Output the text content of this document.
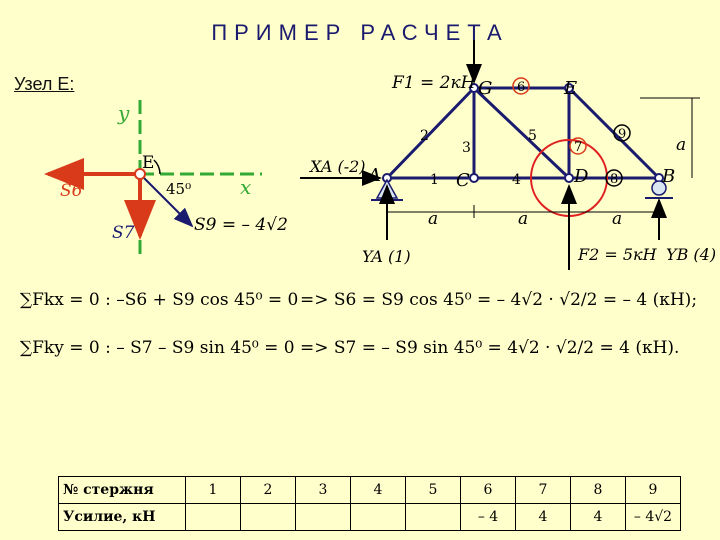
ПРИМЕР РАСЧЕТА
Узел E:
y
x
E
45⁰
S6
S7	S9 = – 4√2
G	E
A	C	D	B
1
2
3
4
5
6
7
8
9
F1 = 2кН
F2 = 5кН
XA (-2)
YA (1)	YB (4)
a	a	a
a
∑Fkx = 0 : –S6 + S9 cos 45⁰ = 0 => S6 = S9 cos 45⁰ = – 4√2 · √2/2 = – 4 (кН);
∑Fky = 0 : – S7 – S9 sin 45⁰ = 0 => S7 = – S9 sin 45⁰ = 4√2 · √2/2 = 4 (кН).
№ стержня	1	2	3	4	5	6	7	8	9
Усилие, кН						– 4	4	4	– 4√2
